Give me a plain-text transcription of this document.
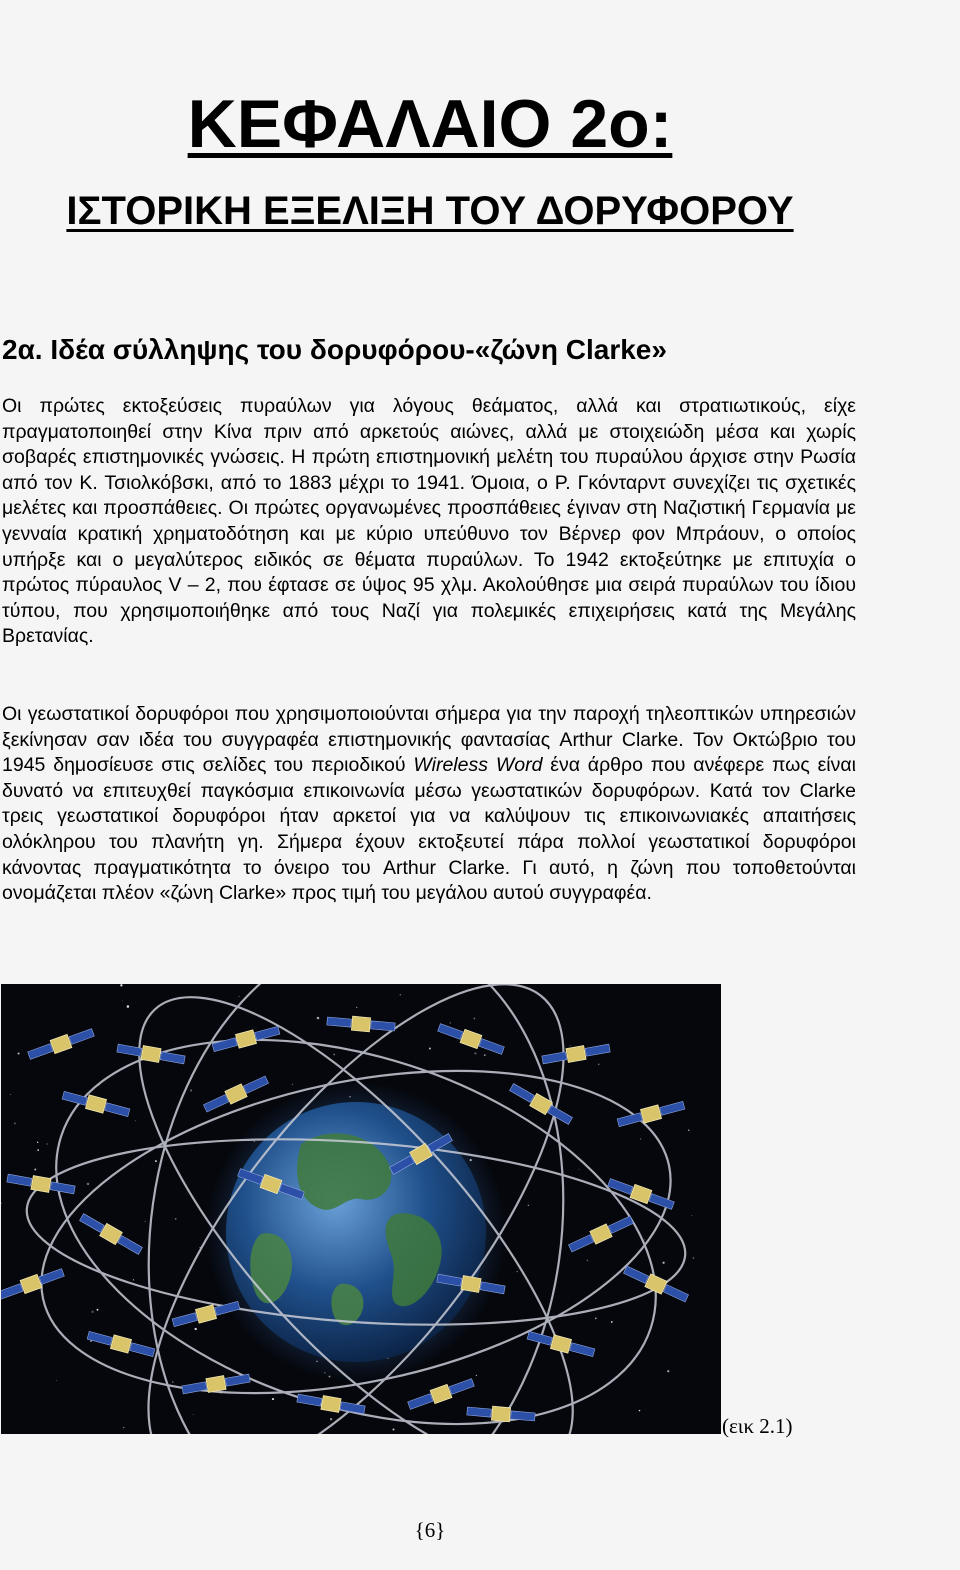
ΚΕΦΑΛΑΙΟ 2ο:
ΙΣΤΟΡΙΚΗ ΕΞΕΛΙΞΗ ΤΟΥ ΔΟΡΥΦΟΡΟΥ
2α. Ιδέα σύλληψης του δορυφόρου-«ζώνη Clarke»

Οι πρώτες εκτοξεύσεις πυραύλων για λόγους θεάματος, αλλά και στρατιωτικούς, είχε πραγματοποιηθεί στην Κίνα πριν από αρκετούς αιώνες, αλλά με στοιχειώδη μέσα και χωρίς σοβαρές επιστημονικές γνώσεις. Η πρώτη επιστημονική μελέτη του πυραύλου άρχισε στην Ρωσία από τον Κ. Τσιολκόβσκι, από το 1883 μέχρι το 1941. Όμοια, ο Ρ. Γκόνταρντ συνεχίζει τις σχετικές μελέτες και προσπάθειες. Οι πρώτες οργανωμένες προσπάθειες έγιναν στη Ναζιστική Γερμανία με γενναία κρατική χρηματοδότηση και με κύριο υπεύθυνο τον Βέρνερ φον Μπράουν, ο οποίος υπήρξε και ο μεγαλύτερος ειδικός σε θέματα πυραύλων. Το 1942 εκτοξεύτηκε με επιτυχία ο πρώτος πύραυλος V – 2, που έφτασε σε ύψος 95 χλμ. Ακολούθησε μια σειρά πυραύλων του ίδιου τύπου, που χρησιμοποιήθηκε από τους Ναζί για πολεμικές επιχειρήσεις κατά της Μεγάλης Βρετανίας.

Οι γεωστατικοί δορυφόροι που χρησιμοποιούνται σήμερα για την παροχή τηλεοπτικών υπηρεσιών ξεκίνησαν σαν ιδέα του συγγραφέα επιστημονικής φαντασίας Arthur Clarke. Τον Οκτώβριο του 1945 δημοσίευσε στις σελίδες του περιοδικού Wireless Word ένα άρθρο που ανέφερε πως είναι δυνατό να επιτευχθεί παγκόσμια επικοινωνία μέσω γεωστατικών δορυφόρων. Κατά τον Clarke τρεις γεωστατικοί δορυφόροι ήταν αρκετοί για να καλύψουν τις επικοινωνιακές απαιτήσεις ολόκληρου του πλανήτη γη. Σήμερα έχουν εκτοξευτεί πάρα πολλοί γεωστατικοί δορυφόροι κάνοντας πραγματικότητα το όνειρο του Arthur Clarke. Γι αυτό, η ζώνη που τοποθετούνται ονομάζεται πλέον «ζώνη Clarke» προς τιμή του μεγάλου αυτού συγγραφέα.

(εικ 2.1)
{6}
